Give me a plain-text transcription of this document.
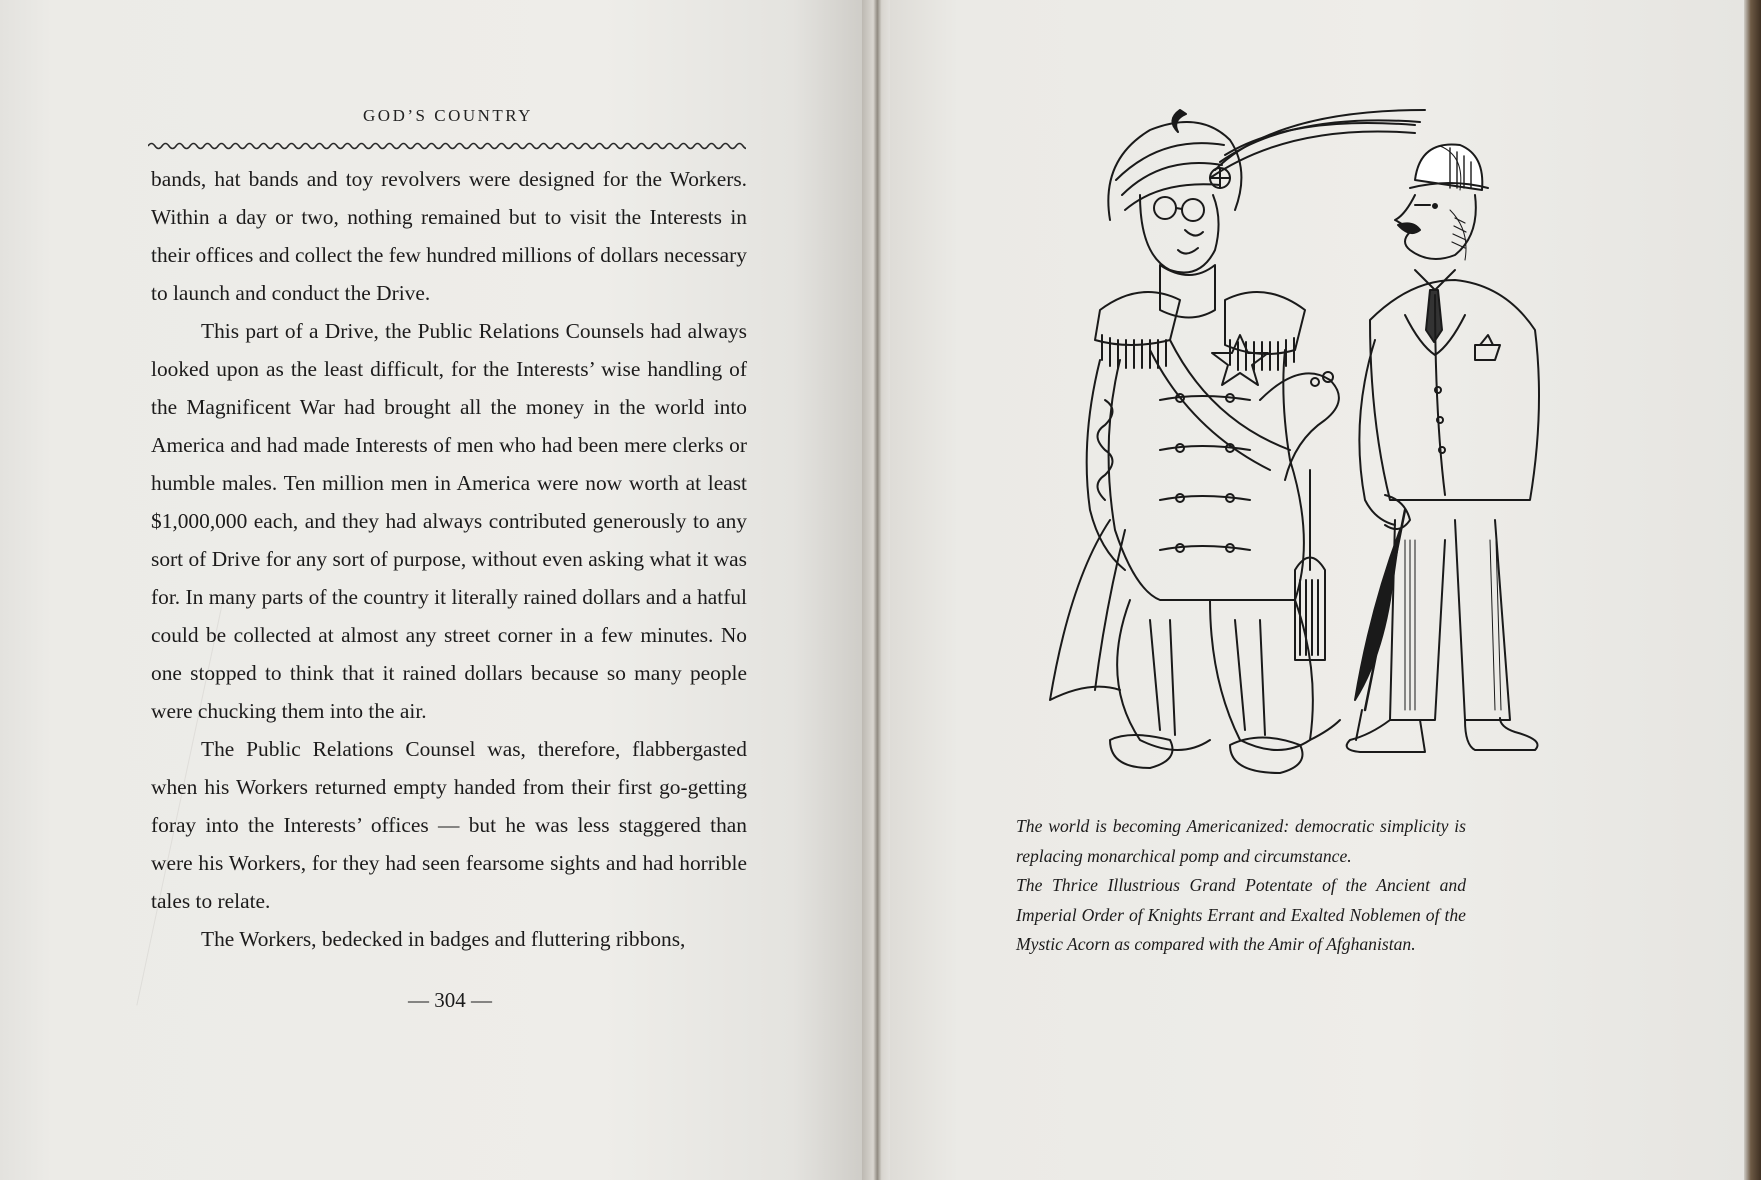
GOD’S COUNTRY

bands, hat bands and toy revolvers were designed for the Workers. Within a day or two, nothing remained but to visit the Interests in their offices and collect the few hundred millions of dollars necessary to launch and conduct the Drive.

This part of a Drive, the Public Relations Counsels had always looked upon as the least difficult, for the Interests’ wise handling of the Magnificent War had brought all the money in the world into America and had made Interests of men who had been mere clerks or humble males. Ten million men in America were now worth at least $1,000,000 each, and they had always contributed generously to any sort of Drive for any sort of purpose, without even asking what it was for. In many parts of the country it literally rained dollars and a hatful could be collected at almost any street corner in a few minutes. No one stopped to think that it rained dollars because so many people were chucking them into the air.

The Public Relations Counsel was, therefore, flabbergasted when his Workers returned empty handed from their first go-getting foray into the Interests’ offices — but he was less staggered than were his Workers, for they had seen fearsome sights and had horrible tales to relate.

The Workers, bedecked in badges and fluttering ribbons,

— 304 —

The world is becoming Americanized: democratic simplicity is replacing monarchical pomp and circumstance.

The Thrice Illustrious Grand Potentate of the Ancient and Imperial Order of Knights Errant and Exalted Noblemen of the Mystic Acorn as compared with the Amir of Afghanistan.
